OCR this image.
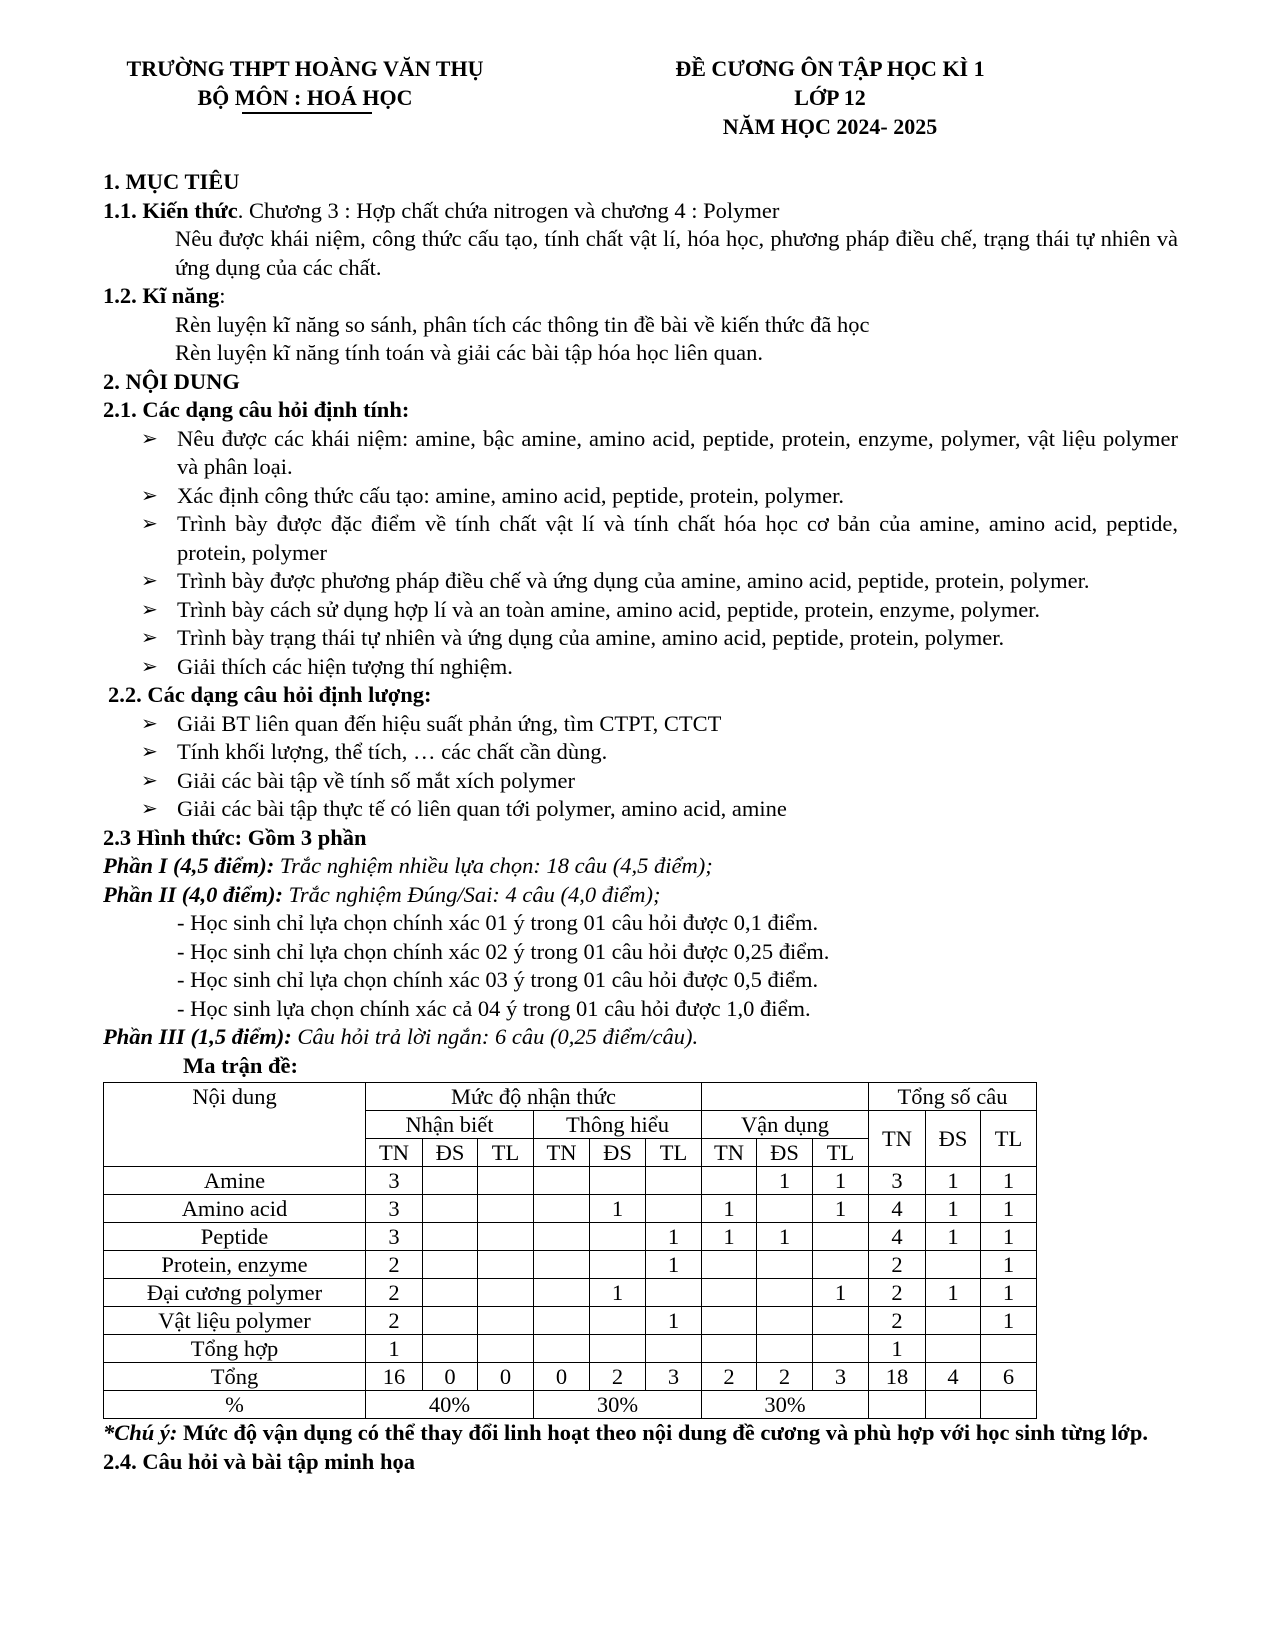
TRƯỜNG THPT HOÀNG VĂN THỤ
BỘ MÔN : HOÁ HỌC
ĐỀ CƯƠNG ÔN TẬP HỌC KÌ 1
LỚP 12
NĂM HỌC 2024- 2025

1. MỤC TIÊU

1.1. Kiến thức. Chương 3 : Hợp chất chứa nitrogen và chương 4 : Polymer

Nêu được khái niệm, công thức cấu tạo, tính chất vật lí, hóa học, phương pháp điều chế, trạng thái tự nhiên và ứng dụng của các chất.

1.2. Kĩ năng:

Rèn luyện kĩ năng so sánh, phân tích các thông tin đề bài về kiến thức đã học

Rèn luyện kĩ năng tính toán và giải các bài tập hóa học liên quan.

2. NỘI DUNG

2.1. Các dạng câu hỏi định tính:

➢ Nêu được các khái niệm: amine, bậc amine, amino acid, peptide, protein, enzyme, polymer, vật liệu polymer và phân loại.

➢ Xác định công thức cấu tạo: amine, amino acid, peptide, protein, polymer.

➢ Trình bày được đặc điểm về tính chất vật lí và tính chất hóa học cơ bản của amine, amino acid, peptide, protein, polymer

➢ Trình bày được phương pháp điều chế và ứng dụng của amine, amino acid, peptide, protein, polymer.

➢ Trình bày cách sử dụng hợp lí và an toàn amine, amino acid, peptide, protein, enzyme, polymer.

➢ Trình bày trạng thái tự nhiên và ứng dụng của amine, amino acid, peptide, protein, polymer.

➢ Giải thích các hiện tượng thí nghiệm.

2.2. Các dạng câu hỏi định lượng:

➢ Giải BT liên quan đến hiệu suất phản ứng, tìm CTPT, CTCT

➢ Tính khối lượng, thể tích, … các chất cần dùng.

➢ Giải các bài tập về tính số mắt xích polymer

➢ Giải các bài tập thực tế có liên quan tới polymer, amino acid, amine

2.3 Hình thức: Gồm 3 phần

Phần I (4,5 điểm): Trắc nghiệm nhiều lựa chọn: 18 câu (4,5 điểm);

Phần II (4,0 điểm): Trắc nghiệm Đúng/Sai: 4 câu (4,0 điểm);

- Học sinh chỉ lựa chọn chính xác 01 ý trong 01 câu hỏi được 0,1 điểm.

- Học sinh chỉ lựa chọn chính xác 02 ý trong 01 câu hỏi được 0,25 điểm.

- Học sinh chỉ lựa chọn chính xác 03 ý trong 01 câu hỏi được 0,5 điểm.

- Học sinh lựa chọn chính xác cả 04 ý trong 01 câu hỏi được 1,0 điểm.

Phần III (1,5 điểm): Câu hỏi trả lời ngắn: 6 câu (0,25 điểm/câu).

Ma trận đề:

Nội dung	Mức độ nhận thức									Tổng số câu		
	Nhận biết			Thông hiểu			Vận dụng			TN	ĐS	TL
	TN	ĐS	TL	TN	ĐS	TL	TN	ĐS	TL			
Amine	3							1	1	3	1	1
Amino acid	3				1		1		1	4	1	1
Peptide	3					1	1	1		4	1	1
Protein, enzyme	2					1				2		1
Đại cương polymer	2				1				1	2	1	1
Vật liệu polymer	2					1				2		1
Tổng hợp	1									1		
Tổng	16	0	0	0	2	3	2	2	3	18	4	6
%	40%			30%			30%					

*Chú ý: Mức độ vận dụng có thể thay đổi linh hoạt theo nội dung đề cương và phù hợp với học sinh từng lớp.

2.4. Câu hỏi và bài tập minh họa
